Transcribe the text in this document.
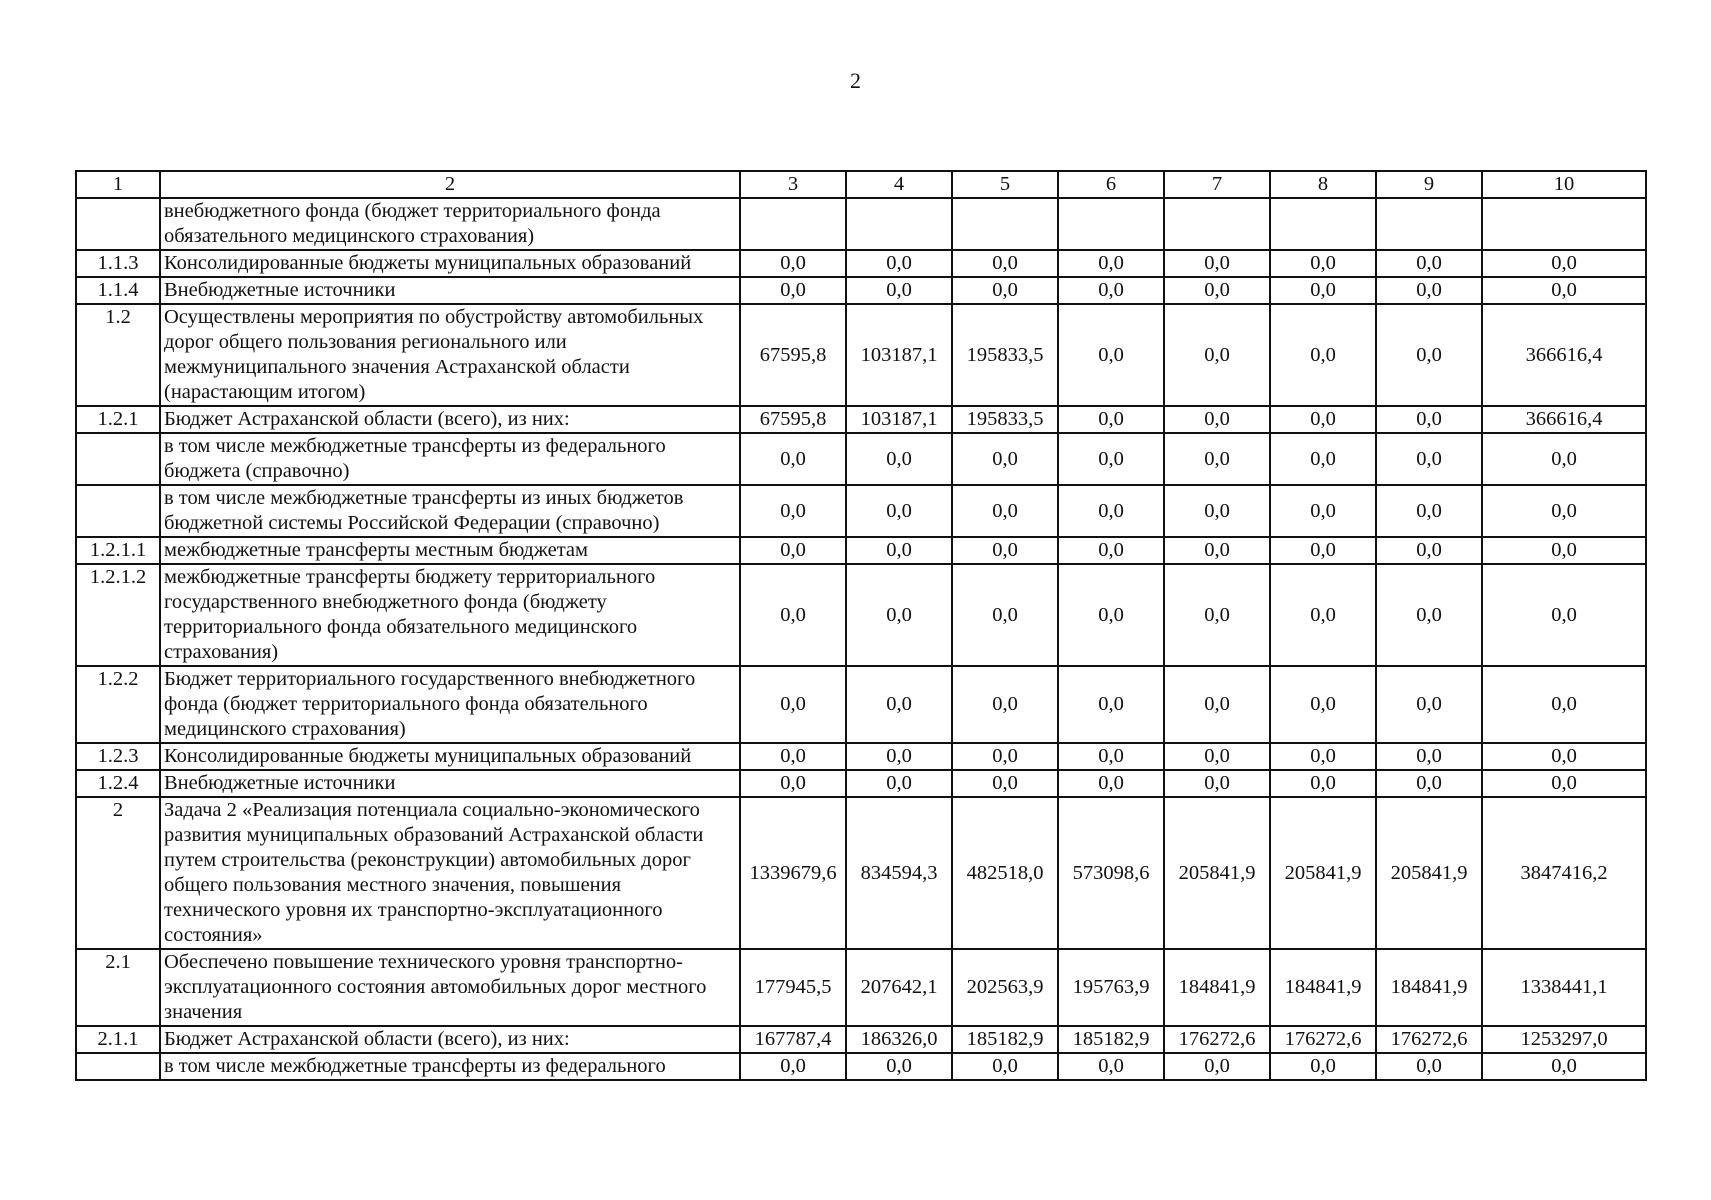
2
1	2	3	4	5	6	7	8	9	10
	внебюджетного фонда (бюджет территориального фонда обязательного медицинского страхования)								
1.1.3	Консолидированные бюджеты муниципальных образований	0,0	0,0	0,0	0,0	0,0	0,0	0,0	0,0
1.1.4	Внебюджетные источники	0,0	0,0	0,0	0,0	0,0	0,0	0,0	0,0
1.2	Осуществлены мероприятия по обустройству автомобильных дорог общего пользования регионального или межмуниципального значения Астраханской области (нарастающим итогом)	67595,8	103187,1	195833,5	0,0	0,0	0,0	0,0	366616,4
1.2.1	Бюджет Астраханской области (всего), из них:	67595,8	103187,1	195833,5	0,0	0,0	0,0	0,0	366616,4
	в том числе межбюджетные трансферты из федерального бюджета (справочно)	0,0	0,0	0,0	0,0	0,0	0,0	0,0	0,0
	в том числе межбюджетные трансферты из иных бюджетов бюджетной системы Российской Федерации (справочно)	0,0	0,0	0,0	0,0	0,0	0,0	0,0	0,0
1.2.1.1	межбюджетные трансферты местным бюджетам	0,0	0,0	0,0	0,0	0,0	0,0	0,0	0,0
1.2.1.2	межбюджетные трансферты бюджету территориального государственного внебюджетного фонда (бюджету территориального фонда обязательного медицинского страхования)	0,0	0,0	0,0	0,0	0,0	0,0	0,0	0,0
1.2.2	Бюджет территориального государственного внебюджетного фонда (бюджет территориального фонда обязательного медицинского страхования)	0,0	0,0	0,0	0,0	0,0	0,0	0,0	0,0
1.2.3	Консолидированные бюджеты муниципальных образований	0,0	0,0	0,0	0,0	0,0	0,0	0,0	0,0
1.2.4	Внебюджетные источники	0,0	0,0	0,0	0,0	0,0	0,0	0,0	0,0
2	Задача 2 «Реализация потенциала социально-экономического развития муниципальных образований Астраханской области путем строительства (реконструкции) автомобильных дорог общего пользования местного значения, повышения технического уровня их транспортно-эксплуатационного состояния»	1339679,6	834594,3	482518,0	573098,6	205841,9	205841,9	205841,9	3847416,2
2.1	Обеспечено повышение технического уровня транспортно-эксплуатационного состояния автомобильных дорог местного значения	177945,5	207642,1	202563,9	195763,9	184841,9	184841,9	184841,9	1338441,1
2.1.1	Бюджет Астраханской области (всего), из них:	167787,4	186326,0	185182,9	185182,9	176272,6	176272,6	176272,6	1253297,0
	в том числе межбюджетные трансферты из федерального	0,0	0,0	0,0	0,0	0,0	0,0	0,0	0,0
